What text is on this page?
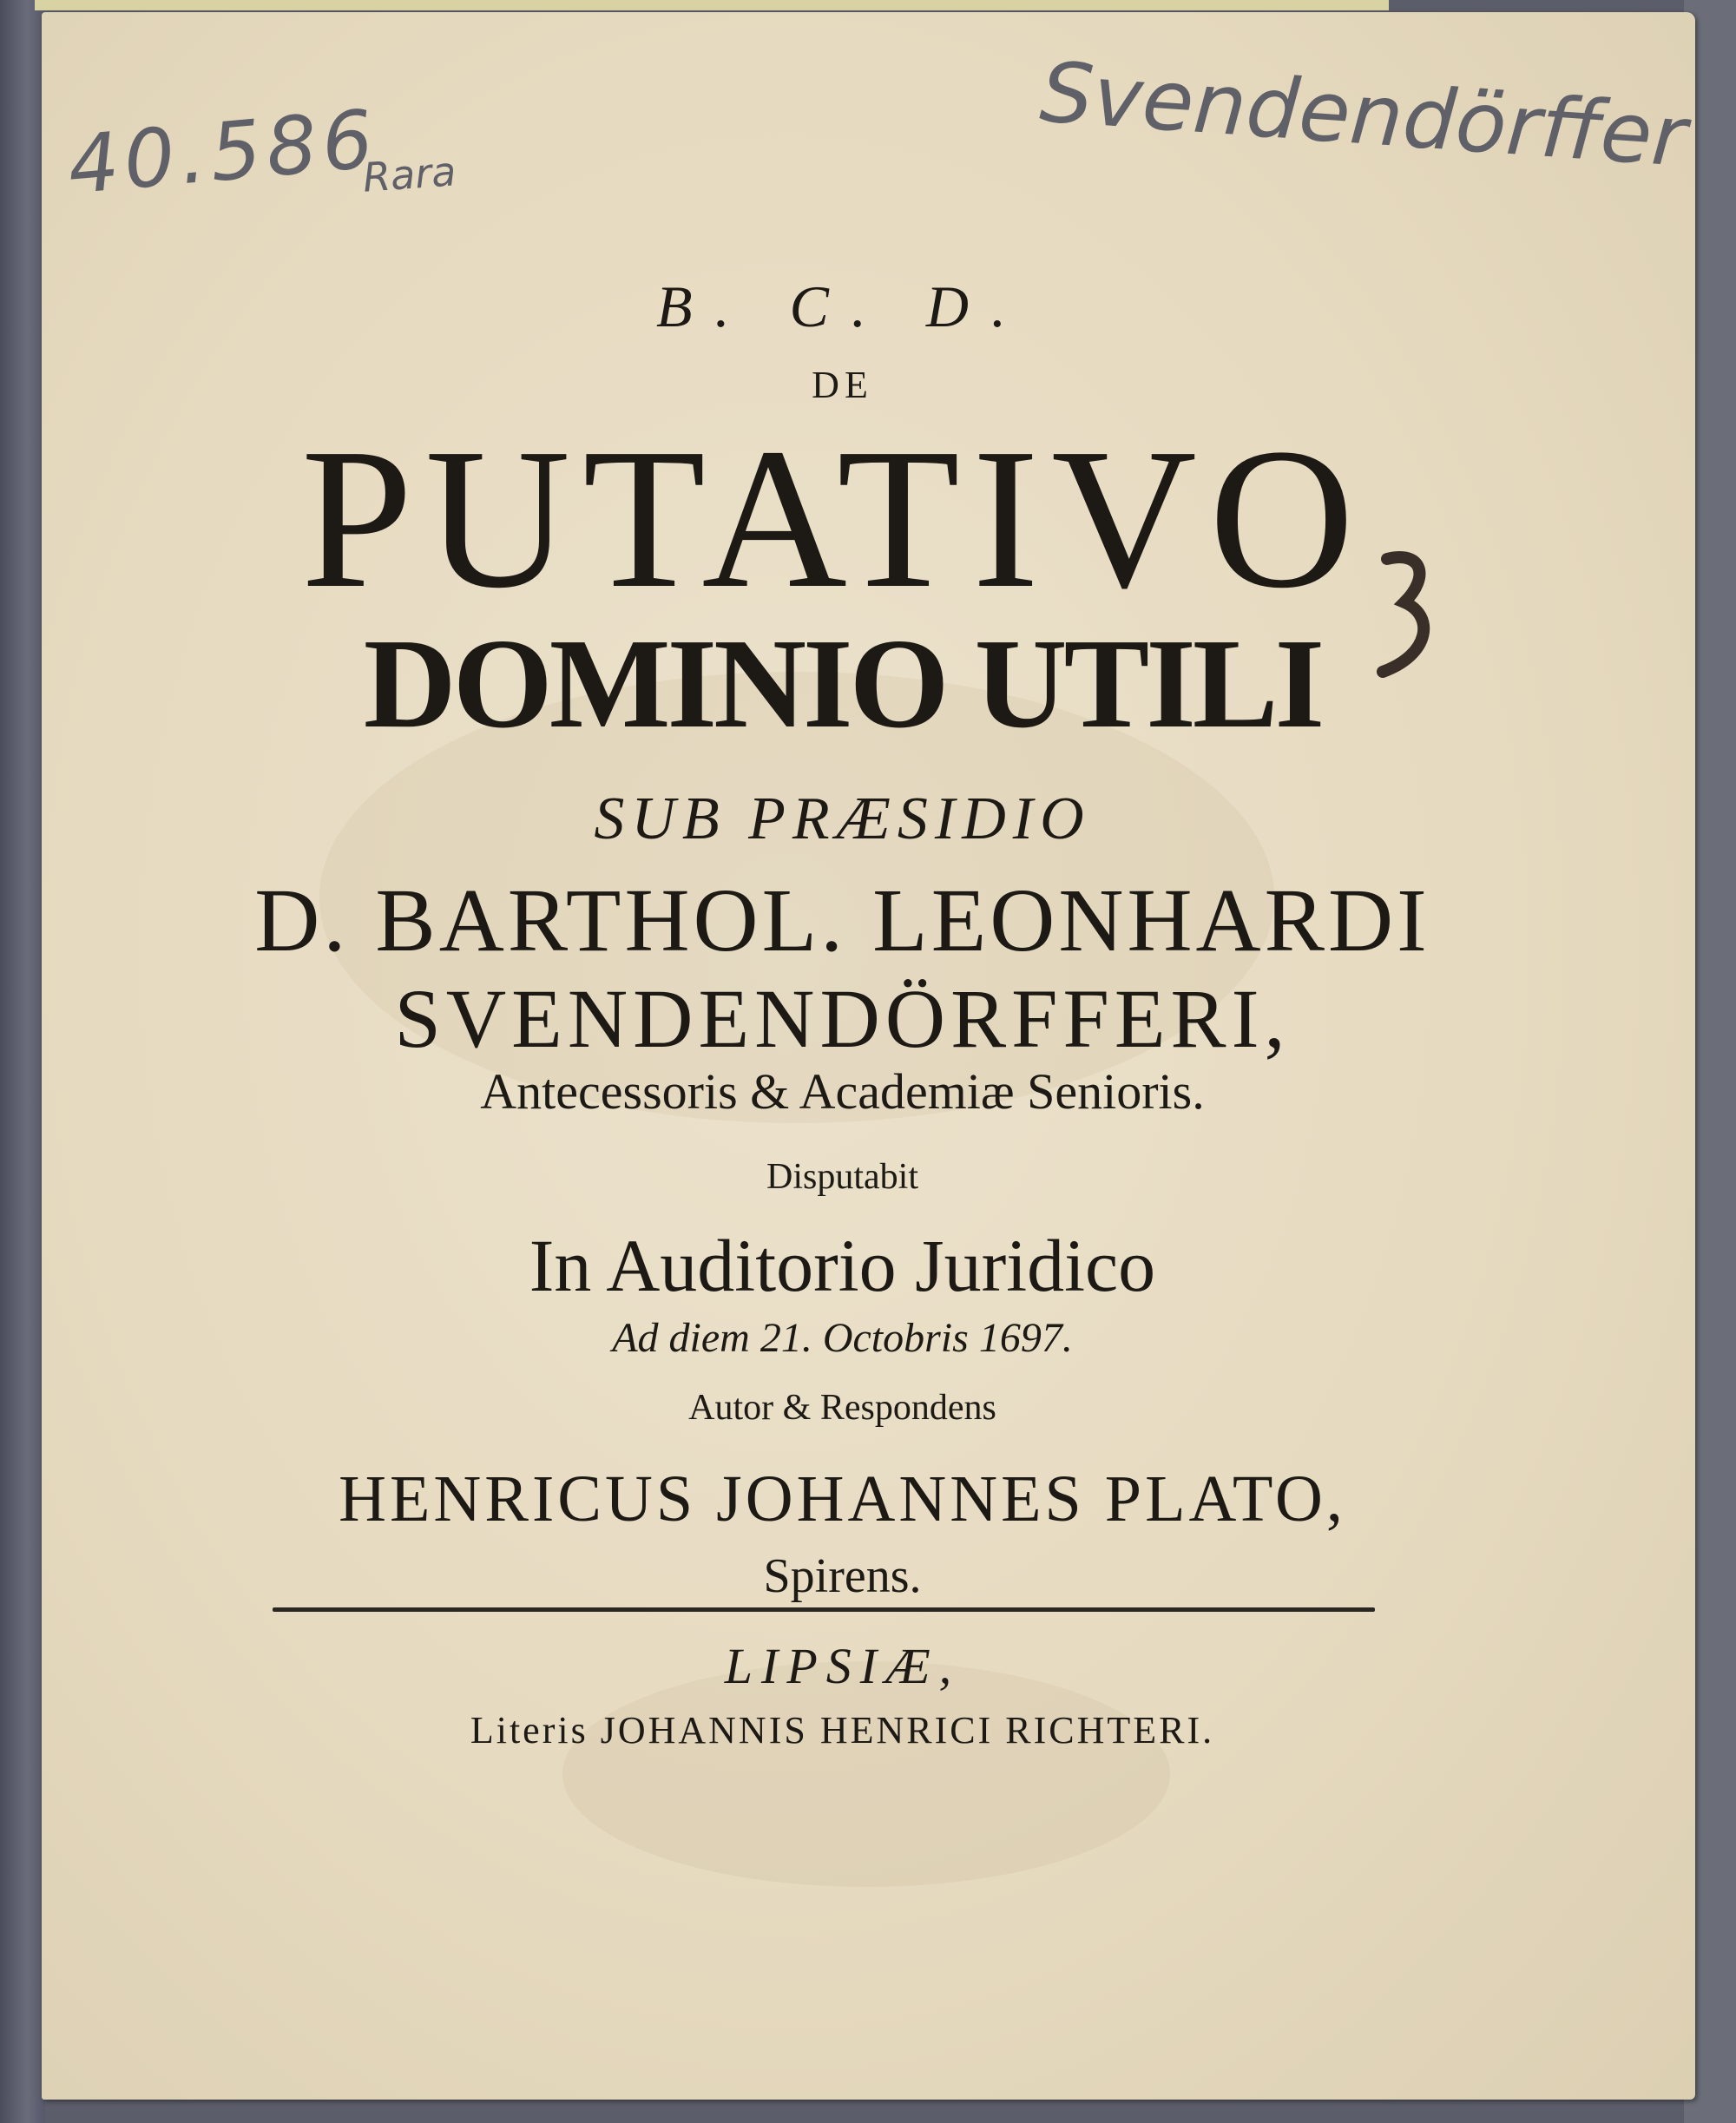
40.586
Rara	Svendendörffer
B. C. D.
DE
PUTATIVO
DOMINIO UTILI
SUB PRÆSIDIO
D. BARTHOL. LEONHARDI
SVENDENDÖRFFERI,
Antecessoris & Academiæ Senioris.
Disputabit
In Auditorio Juridico
Ad diem 21. Octobris 1697.
Autor & Respondens
HENRICUS JOHANNES PLATO,
Spirens.
LIPSIÆ,
Literis JOHANNIS HENRICI RICHTERI.
